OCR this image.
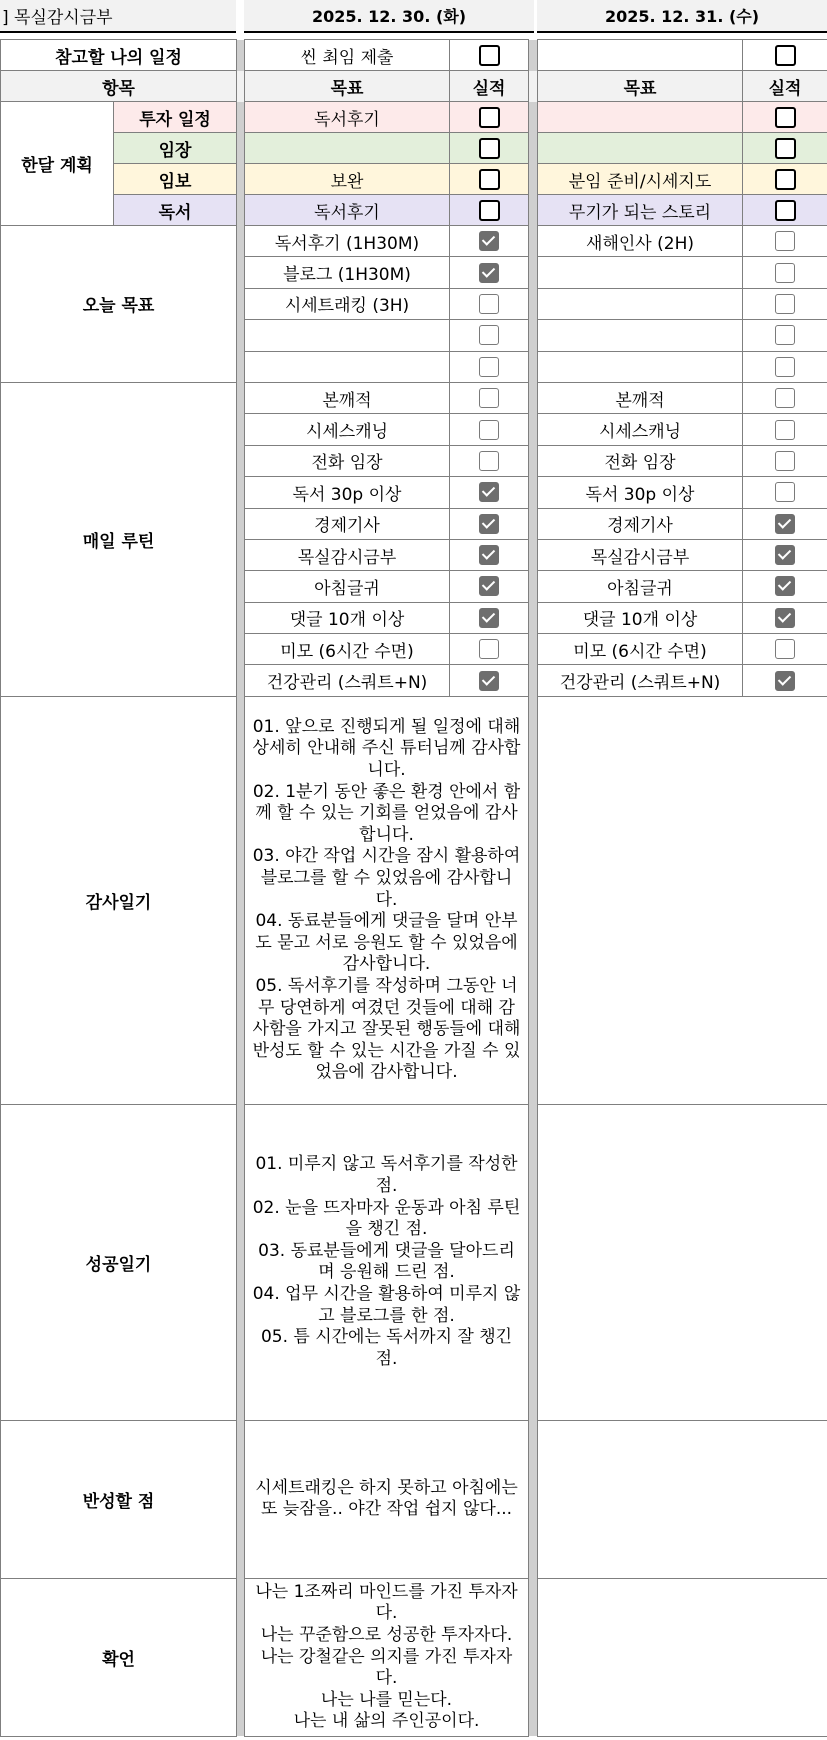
] 목실감시금부	2025. 12. 30. (화)	2025. 12. 31. (수)
참고할 나의 일정			씬 최임 제출				
항목			목표	실적		목표	실적
한달 계획	투자 일정		독서후기				
	임장						
	임보		보완			분임 준비/시세지도	
	독서		독서후기			무기가 되는 스토리	
오늘 목표			독서후기 (1H30M)			새해인사 (2H)	
			블로그 (1H30M)				
			시세트래킹 (3H)				

매일 루틴			본깨적			본깨적	
			시세스캐닝			시세스캐닝	
			전화 임장			전화 임장	
			독서 30p 이상			독서 30p 이상	
			경제기사			경제기사	
			목실감시금부			목실감시금부	
			아침글귀			아침글귀	
			댓글 10개 이상			댓글 10개 이상	
			미모 (6시간 수면)			미모 (6시간 수면)	
			건강관리 (스쿼트+N)			건강관리 (스쿼트+N)	
감사일기			01. 앞으로 진행되게 될 일정에 대해 상세히 안내해 주신 튜터님께 감사합니다.
02. 1분기 동안 좋은 환경 안에서 함께 할 수 있는 기회를 얻었음에 감사합니다.
03. 야간 작업 시간을 잠시 활용하여 블로그를 할 수 있었음에 감사합니다.
04. 동료분들에게 댓글을 달며 안부도 묻고 서로 응원도 할 수 있었음에 감사합니다.
05. 독서후기를 작성하며 그동안 너무 당연하게 여겼던 것들에 대해 감사함을 가지고 잘못된 행동들에 대해 반성도 할 수 있는 시간을 가질 수 있었음에 감사합니다.				

성공일기			01. 미루지 않고 독서후기를 작성한 점.
02. 눈을 뜨자마자 운동과 아침 루틴을 챙긴 점.
03. 동료분들에게 댓글을 달아드리며 응원해 드린 점.
04. 업무 시간을 활용하여 미루지 않고 블로그를 한 점.
05. 틈 시간에는 독서까지 잘 챙긴 점.				

반성할 점			시세트래킹은 하지 못하고 아침에는 또 늦잠을.. 야간 작업 쉽지 않다...				

확언			나는 1조짜리 마인드를 가진 투자자다.
나는 꾸준함으로 성공한 투자자다.
나는 강철같은 의지를 가진 투자자다.
나는 나를 믿는다.
나는 내 삶의 주인공이다.				
